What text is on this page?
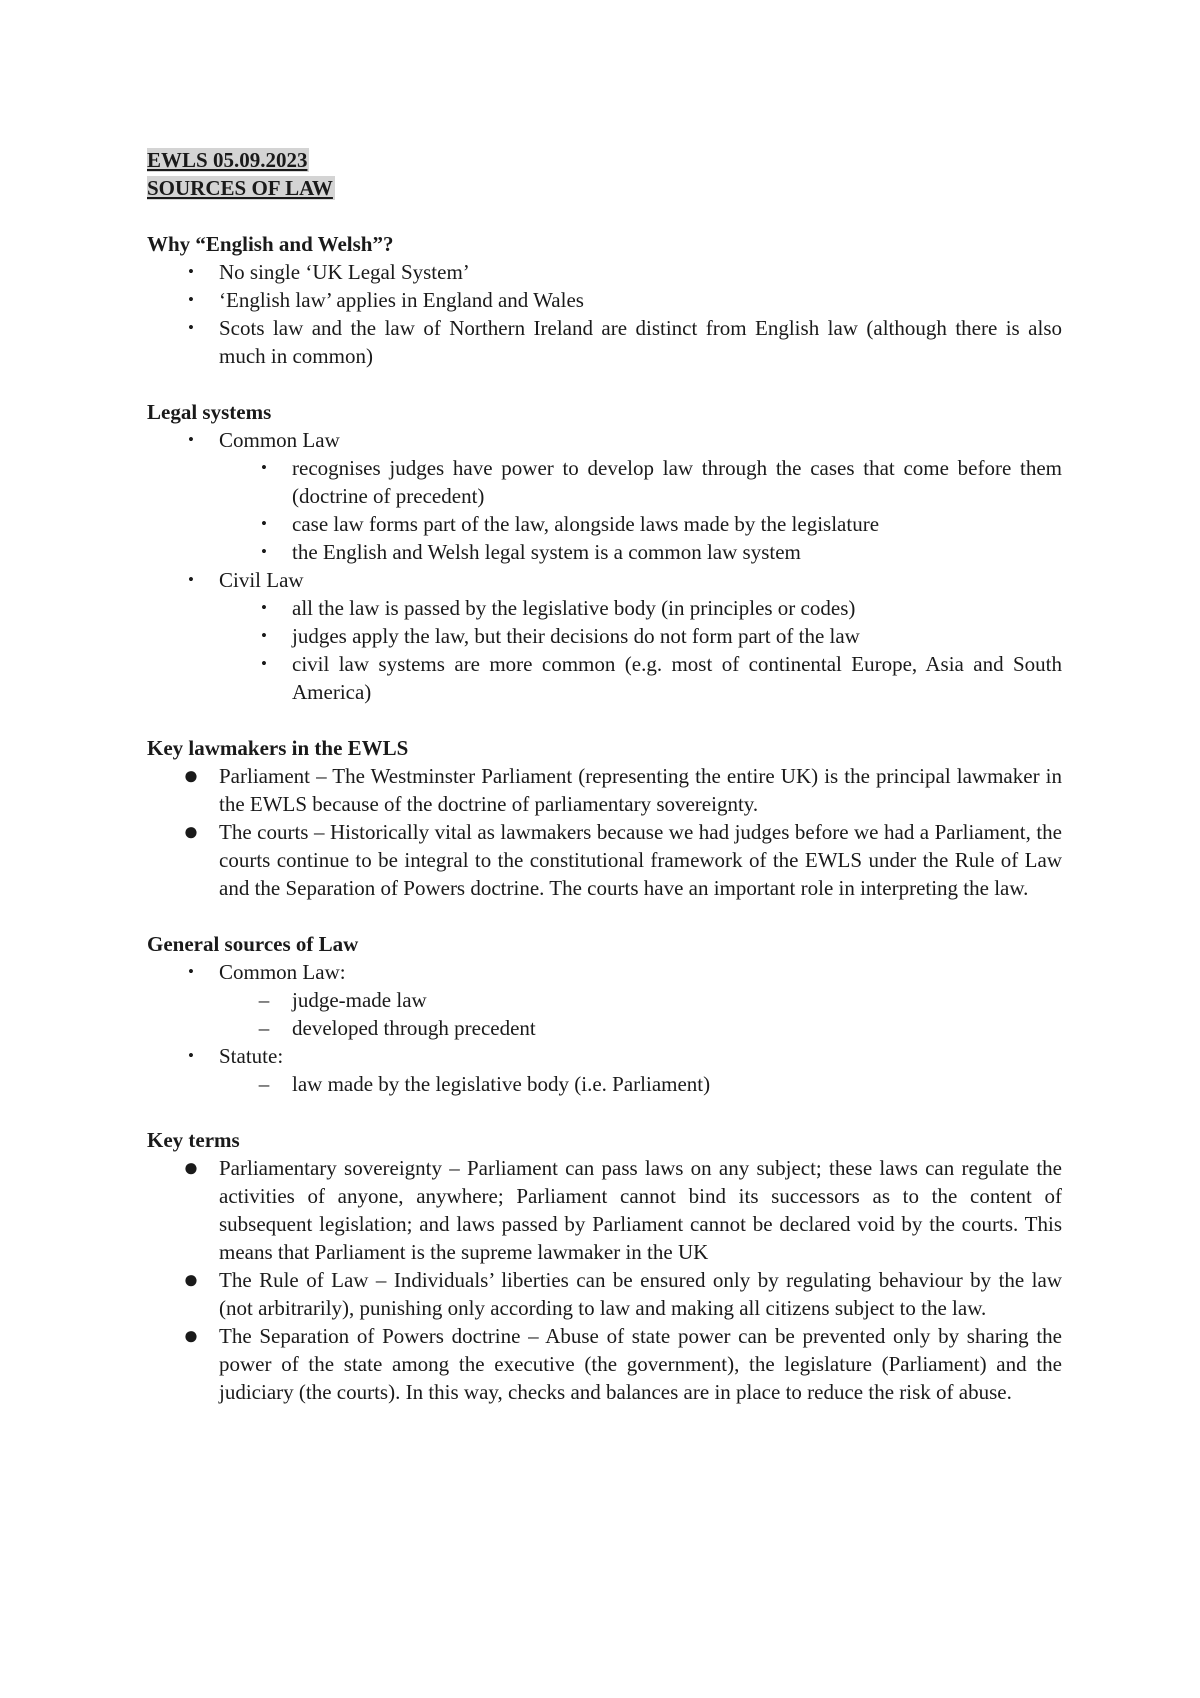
EWLS 05.09.2023

SOURCES OF LAW

Why “English and Welsh”?

•	No single ‘UK Legal System’
•	‘English law’ applies in England and Wales
•	Scots law and the law of Northern Ireland are distinct from English law (although there is also much in common)

Legal systems

•	Common Law
•	recognises judges have power to develop law through the cases that come before them (doctrine of precedent)
•	case law forms part of the law, alongside laws made by the legislature
•	the English and Welsh legal system is a common law system
•	Civil Law
•	all the law is passed by the legislative body (in principles or codes)
•	judges apply the law, but their decisions do not form part of the law
•	civil law systems are more common (e.g. most of continental Europe, Asia and South America)

Key lawmakers in the EWLS

● Parliament – The Westminster Parliament (representing the entire UK) is the principal lawmaker in the EWLS because of the doctrine of parliamentary sovereignty.
● The courts – Historically vital as lawmakers because we had judges before we had a Parliament, the courts continue to be integral to the constitutional framework of the EWLS under the Rule of Law and the Separation of Powers doctrine. The courts have an important role in interpreting the law.

General sources of Law

•	Common Law:
– judge-made law
– developed through precedent
•	Statute:
– law made by the legislative body (i.e. Parliament)

Key terms

● Parliamentary sovereignty – Parliament can pass laws on any subject; these laws can regulate the activities of anyone, anywhere; Parliament cannot bind its successors as to the content of subsequent legislation; and laws passed by Parliament cannot be declared void by the courts. This means that Parliament is the supreme lawmaker in the UK
● The Rule of Law – Individuals’ liberties can be ensured only by regulating behaviour by the law (not arbitrarily), punishing only according to law and making all citizens subject to the law.
● The Separation of Powers doctrine – Abuse of state power can be prevented only by sharing the power of the state among the executive (the government), the legislature (Parliament) and the judiciary (the courts). In this way, checks and balances are in place to reduce the risk of abuse.
